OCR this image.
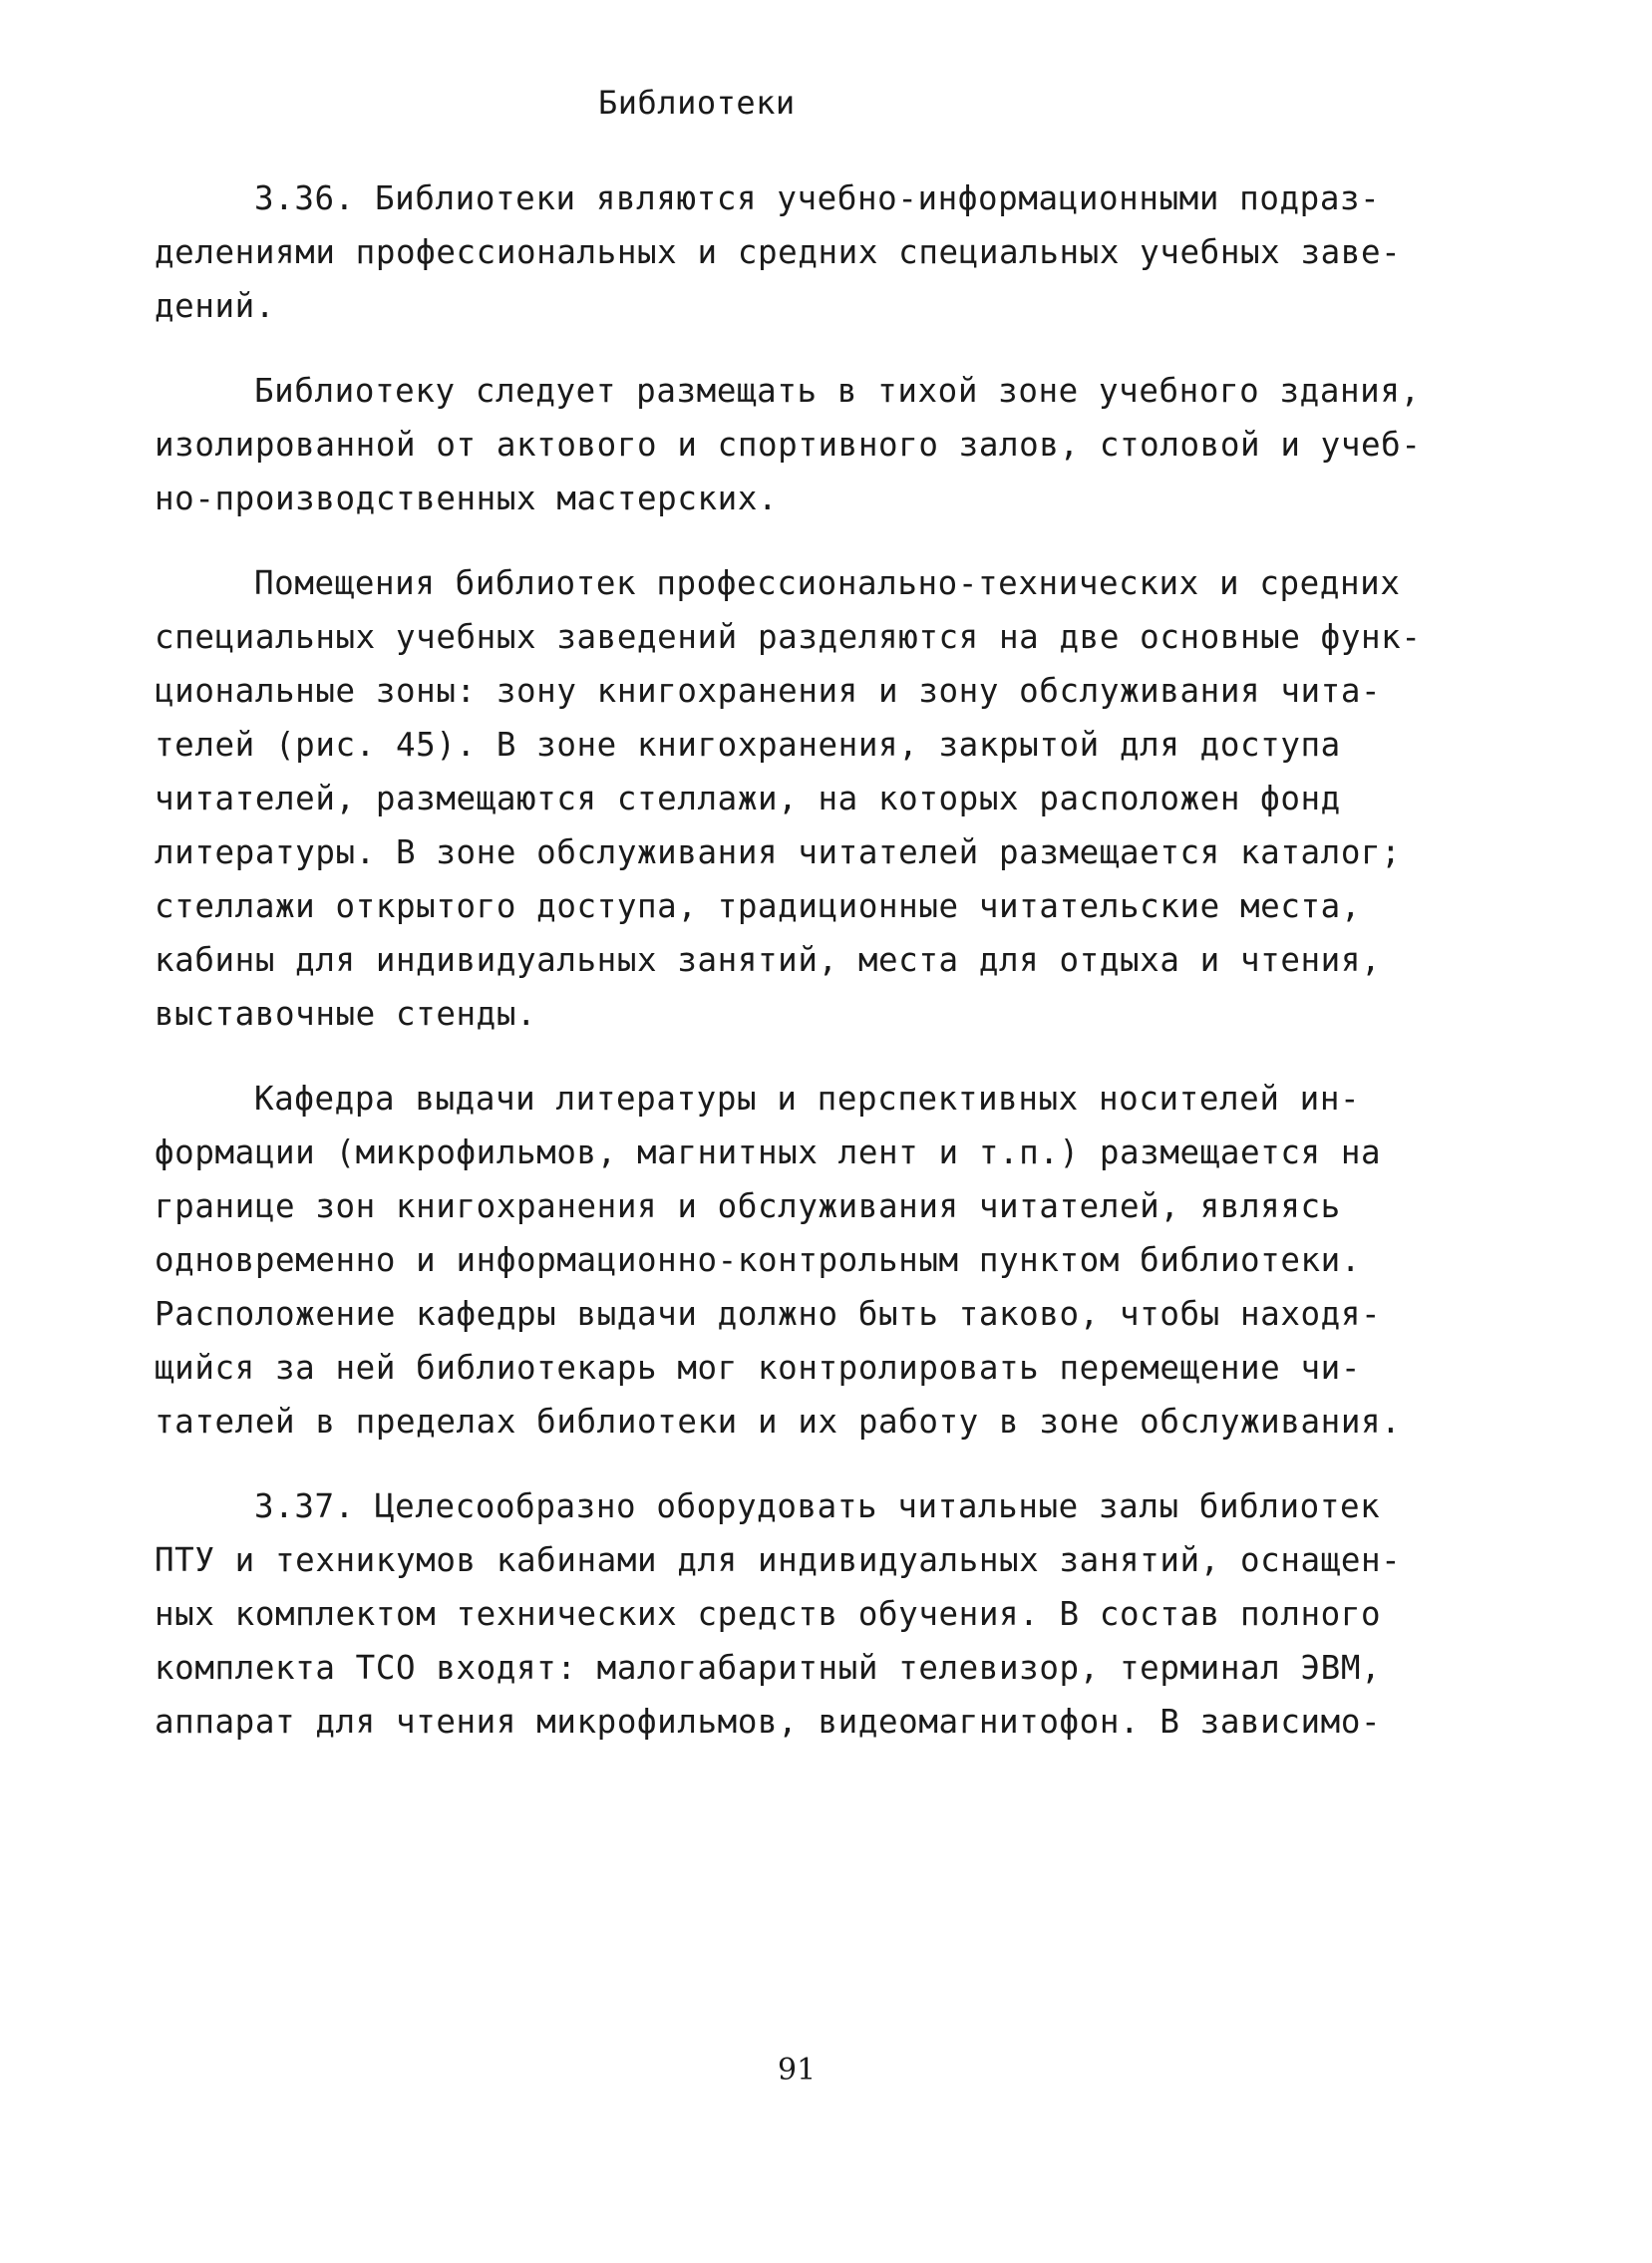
Библиотеки
3.36. Библиотеки являются учебно-информационными подраз-
делениями профессиональных и средних специальных учебных заве-
дений.
Библиотеку следует размещать в тихой зоне учебного здания,
изолированной от актового и спортивного залов, столовой и учеб-
но-производственных мастерских.
Помещения библиотек профессионально-технических и средних
специальных учебных заведений разделяются на две основные функ-
циональные зоны: зону книгохранения и зону обслуживания чита-
телей (рис. 45). В зоне книгохранения, закрытой для доступа
читателей, размещаются стеллажи, на которых расположен фонд
литературы. В зоне обслуживания читателей размещается каталог;
стеллажи открытого доступа, традиционные читательские места,
кабины для индивидуальных занятий, места для отдыха и чтения,
выставочные стенды.
Кафедра выдачи литературы и перспективных носителей ин-
формации (микрофильмов, магнитных лент и т.п.) размещается на
границе зон книгохранения и обслуживания читателей, являясь
одновременно и информационно-контрольным пунктом библиотеки.
Расположение кафедры выдачи должно быть таково, чтобы находя-
щийся за ней библиотекарь мог контролировать перемещение чи-
тателей в пределах библиотеки и их работу в зоне обслуживания.
3.37. Целесообразно оборудовать читальные залы библиотек
ПТУ и техникумов кабинами для индивидуальных занятий, оснащен-
ных комплектом технических средств обучения. В состав полного
комплекта ТСО входят: малогабаритный телевизор, терминал ЭВМ,
аппарат для чтения микрофильмов, видеомагнитофон. В зависимо-
91
